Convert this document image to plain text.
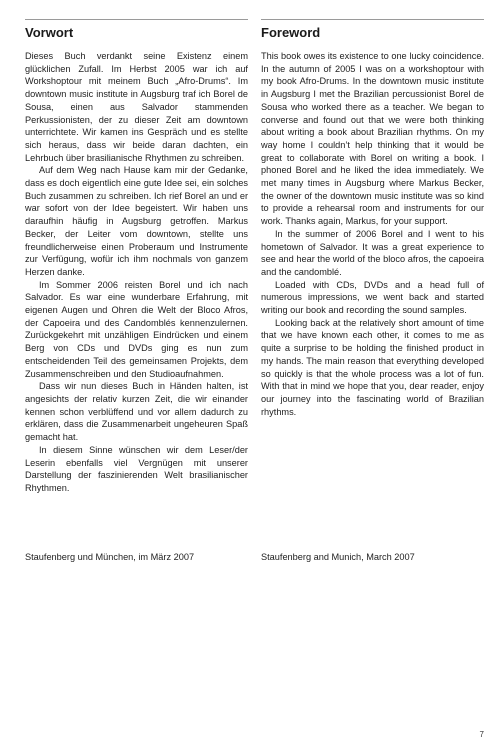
Vorwort

Dieses Buch verdankt seine Existenz einem glücklichen Zufall. Im Herbst 2005 war ich auf Workshoptour mit meinem Buch „Afro-Drums“. Im downtown music institute in Augsburg traf ich Borel de Sousa, einen aus Salvador stammenden Perkussionisten, der zu dieser Zeit am downtown unterrichtete. Wir kamen ins Gespräch und es stellte sich heraus, dass wir beide daran dachten, ein Lehrbuch über brasilianische Rhythmen zu schreiben.

Auf dem Weg nach Hause kam mir der Gedanke, dass es doch eigentlich eine gute Idee sei, ein solches Buch zusammen zu schreiben. Ich rief Borel an und er war sofort von der Idee begeistert. Wir haben uns daraufhin häufig in Augsburg getroffen. Markus Becker, der Leiter vom downtown, stellte uns freundlicherweise einen Proberaum und Instrumente zur Verfügung, wofür ich ihm nochmals von ganzem Herzen danke.

Im Sommer 2006 reisten Borel und ich nach Salvador. Es war eine wunderbare Erfahrung, mit eigenen Augen und Ohren die Welt der Bloco Afros, der Capoeira und des Candomblés kennenzulernen. Zurückgekehrt mit unzähligen Eindrücken und einem Berg von CDs und DVDs ging es nun zum entscheidenden Teil des gemeinsamen Projekts, dem Zusammenschreiben und den Studioaufnahmen.

Dass wir nun dieses Buch in Händen halten, ist angesichts der relativ kurzen Zeit, die wir einander kennen schon verblüffend und vor allem dadurch zu erklären, dass die Zusammenarbeit ungeheuren Spaß gemacht hat.

In diesem Sinne wünschen wir dem Leser/der Leserin ebenfalls viel Vergnügen mit unserer Darstellung der faszinierenden Welt brasilianischer Rhythmen.

Foreword

This book owes its existence to one lucky coincidence. In the autumn of 2005 I was on a workshoptour with my book Afro-Drums. In the downtown music institute in Augsburg I met the Brazilian percussionist Borel de Sousa who worked there as a teacher. We began to converse and found out that we were both thinking about writing a book about Brazilian rhythms. On my way home I couldn’t help thinking that it would be great to collaborate with Borel on writing a book. I phoned Borel and he liked the idea immediately. We met many times in Augsburg where Markus Becker, the owner of the downtown music institute was so kind to provide a rehearsal room and instruments for our work. Thanks again, Markus, for your support.

In the summer of 2006 Borel and I went to his hometown of Salvador. It was a great experience to see and hear the world of the bloco afros, the capoeira and the candomblé.

Loaded with CDs, DVDs and a head full of numerous impressions, we went back and started writing our book and recording the sound samples.

Looking back at the relatively short amount of time that we have known each other, it comes to me as quite a surprise to be holding the finished product in my hands. The main reason that everything developed so quickly is that the whole process was a lot of fun. With that in mind we hope that you, dear reader, enjoy our journey into the fascinating world of Brazilian rhythms.

Staufenberg und München, im März 2007	Staufenberg and Munich, March 2007
7
